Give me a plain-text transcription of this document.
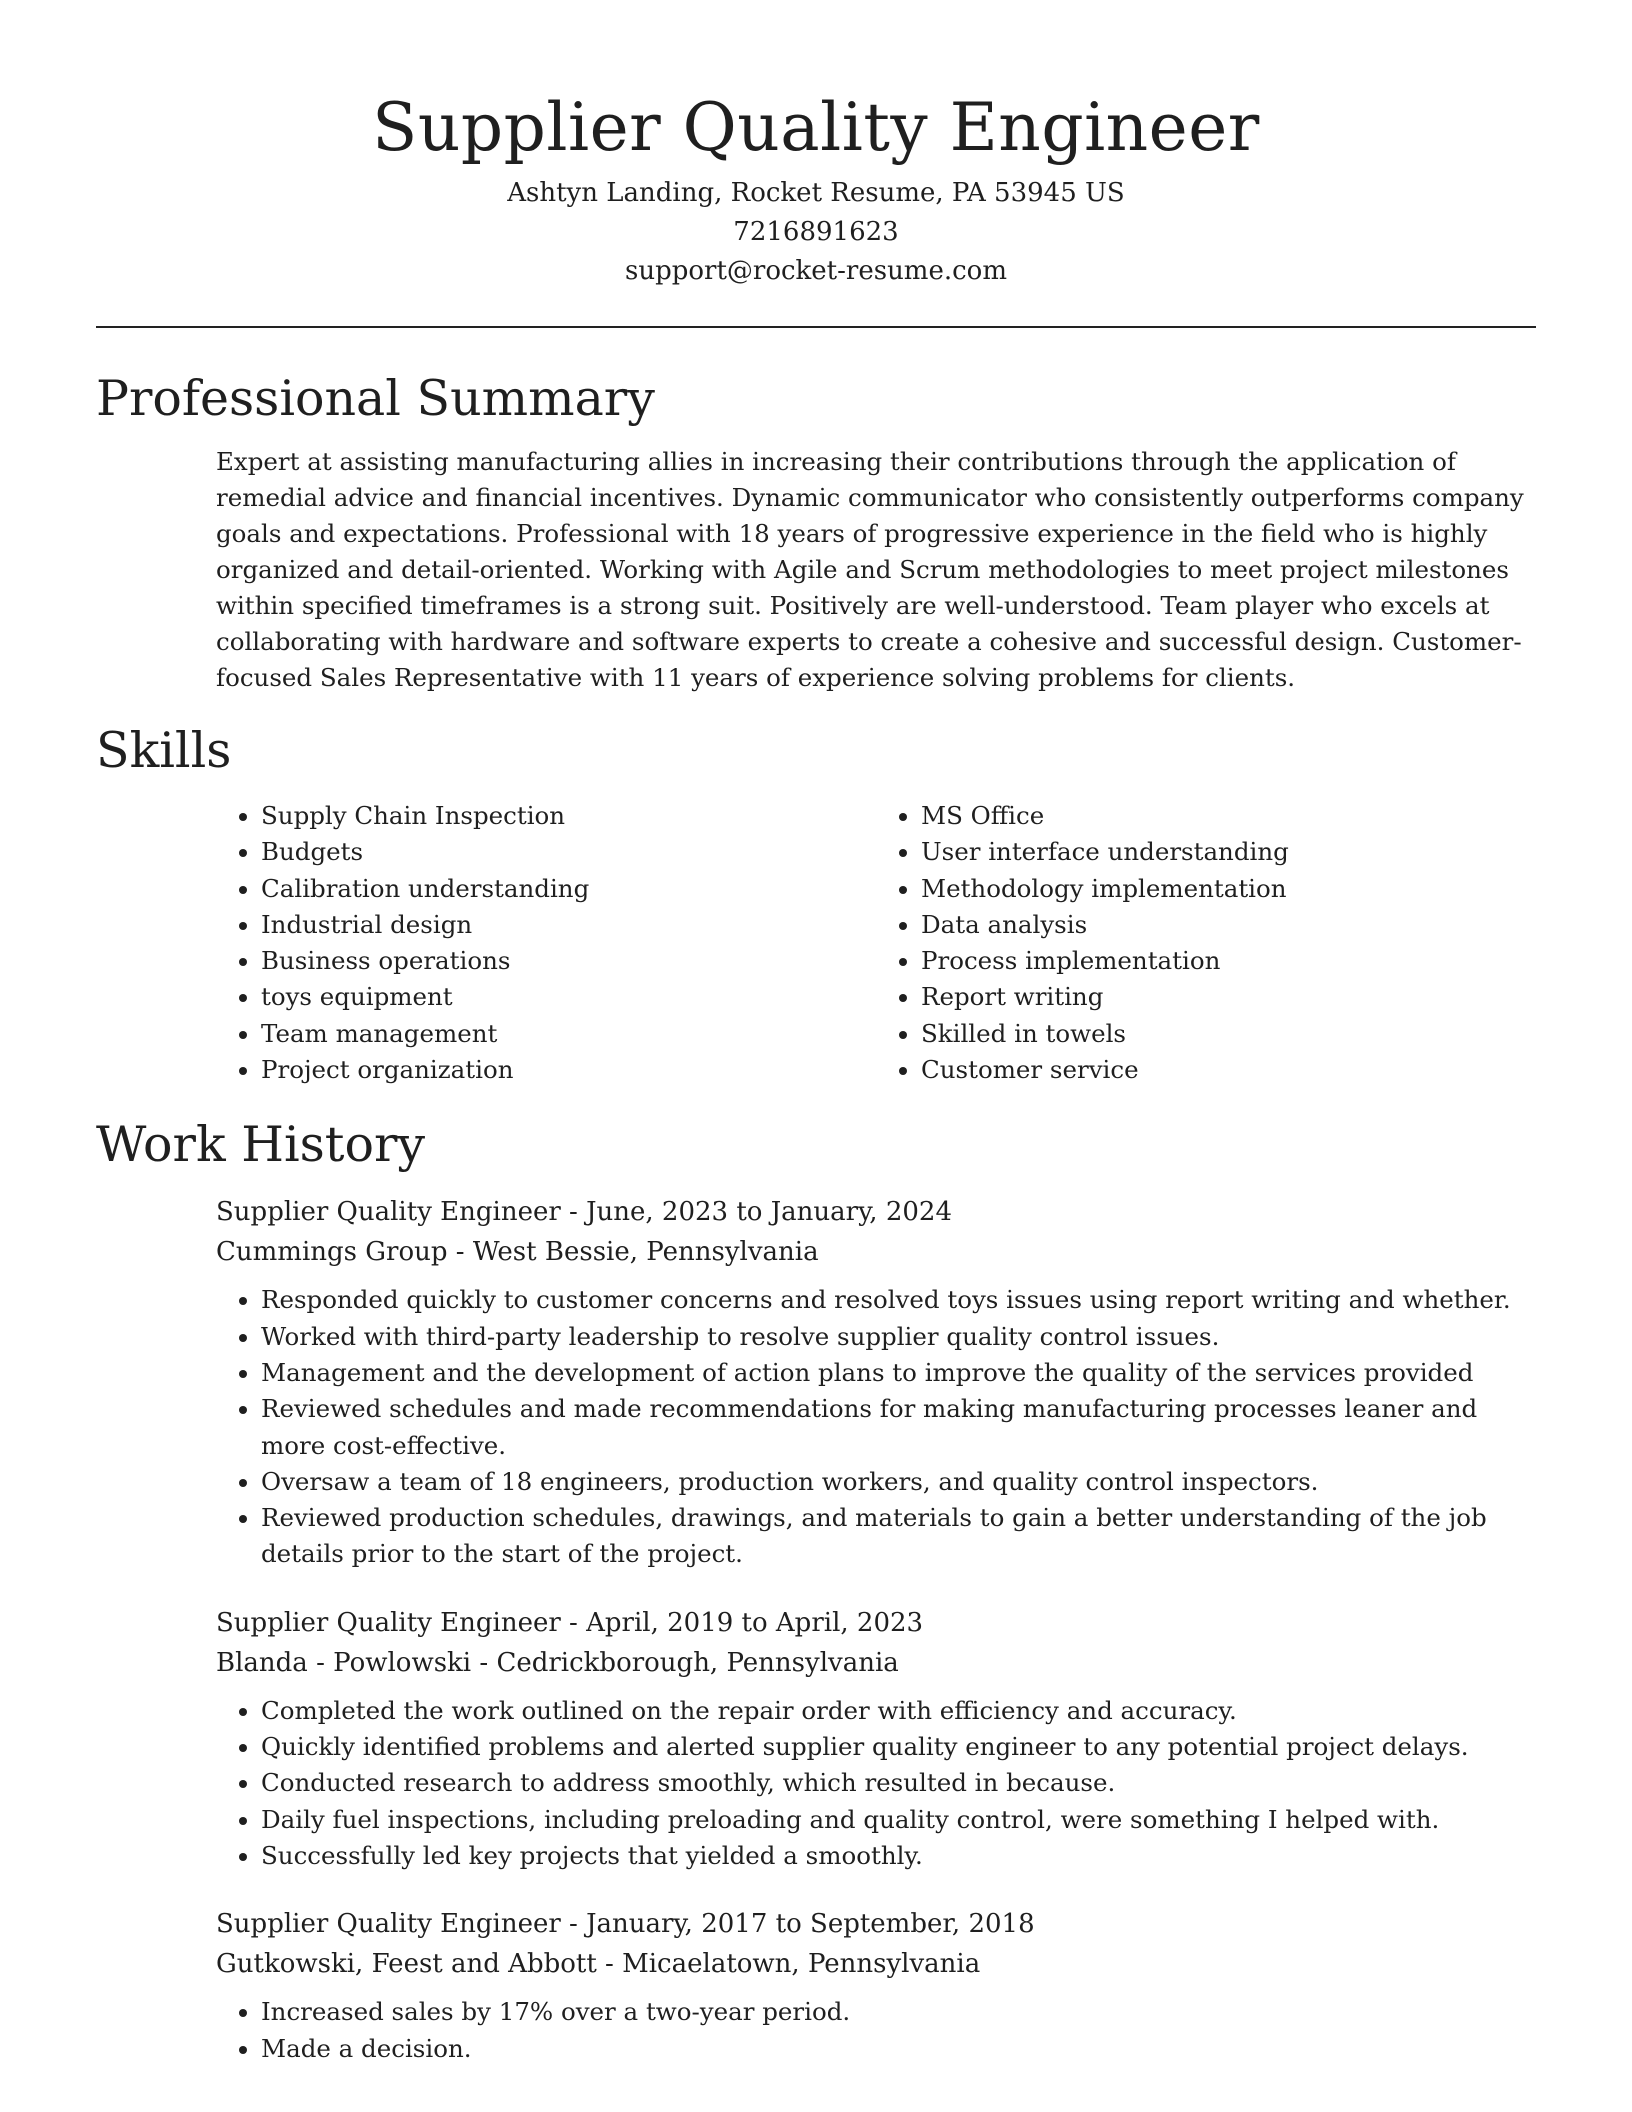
Supplier Quality Engineer

Ashtyn Landing, Rocket Resume, PA 53945 US

7216891623

support@rocket-resume.com

Professional Summary

Expert at assisting manufacturing allies in increasing their contributions through the application of remedial advice and financial incentives. Dynamic communicator who consistently outperforms company goals and expectations. Professional with 18 years of progressive experience in the field who is highly organized and detail-oriented. Working with Agile and Scrum methodologies to meet project milestones within specified timeframes is a strong suit. Positively are well-understood. Team player who excels at collaborating with hardware and software experts to create a cohesive and successful design. Customer-focused Sales Representative with 11 years of experience solving problems for clients.

Skills
• Supply Chain Inspection
• Budgets
• Calibration understanding
• Industrial design
• Business operations
• toys equipment
• Team management
• Project organization
• MS Office
• User interface understanding
• Methodology implementation
• Data analysis
• Process implementation
• Report writing
• Skilled in towels
• Customer service
Work History

Supplier Quality Engineer - June, 2023 to January, 2024

Cummings Group - West Bessie, Pennsylvania

• Responded quickly to customer concerns and resolved toys issues using report writing and whether.
• Worked with third-party leadership to resolve supplier quality control issues.
• Management and the development of action plans to improve the quality of the services provided
• Reviewed schedules and made recommendations for making manufacturing processes leaner and more cost-effective.
• Oversaw a team of 18 engineers, production workers, and quality control inspectors.
• Reviewed production schedules, drawings, and materials to gain a better understanding of the job details prior to the start of the project.

Supplier Quality Engineer - April, 2019 to April, 2023

Blanda - Powlowski - Cedrickborough, Pennsylvania

• Completed the work outlined on the repair order with efficiency and accuracy.
• Quickly identified problems and alerted supplier quality engineer to any potential project delays.
• Conducted research to address smoothly, which resulted in because.
• Daily fuel inspections, including preloading and quality control, were something I helped with.
• Successfully led key projects that yielded a smoothly.

Supplier Quality Engineer - January, 2017 to September, 2018

Gutkowski, Feest and Abbott - Micaelatown, Pennsylvania

• Increased sales by 17% over a two-year period.
• Made a decision.
